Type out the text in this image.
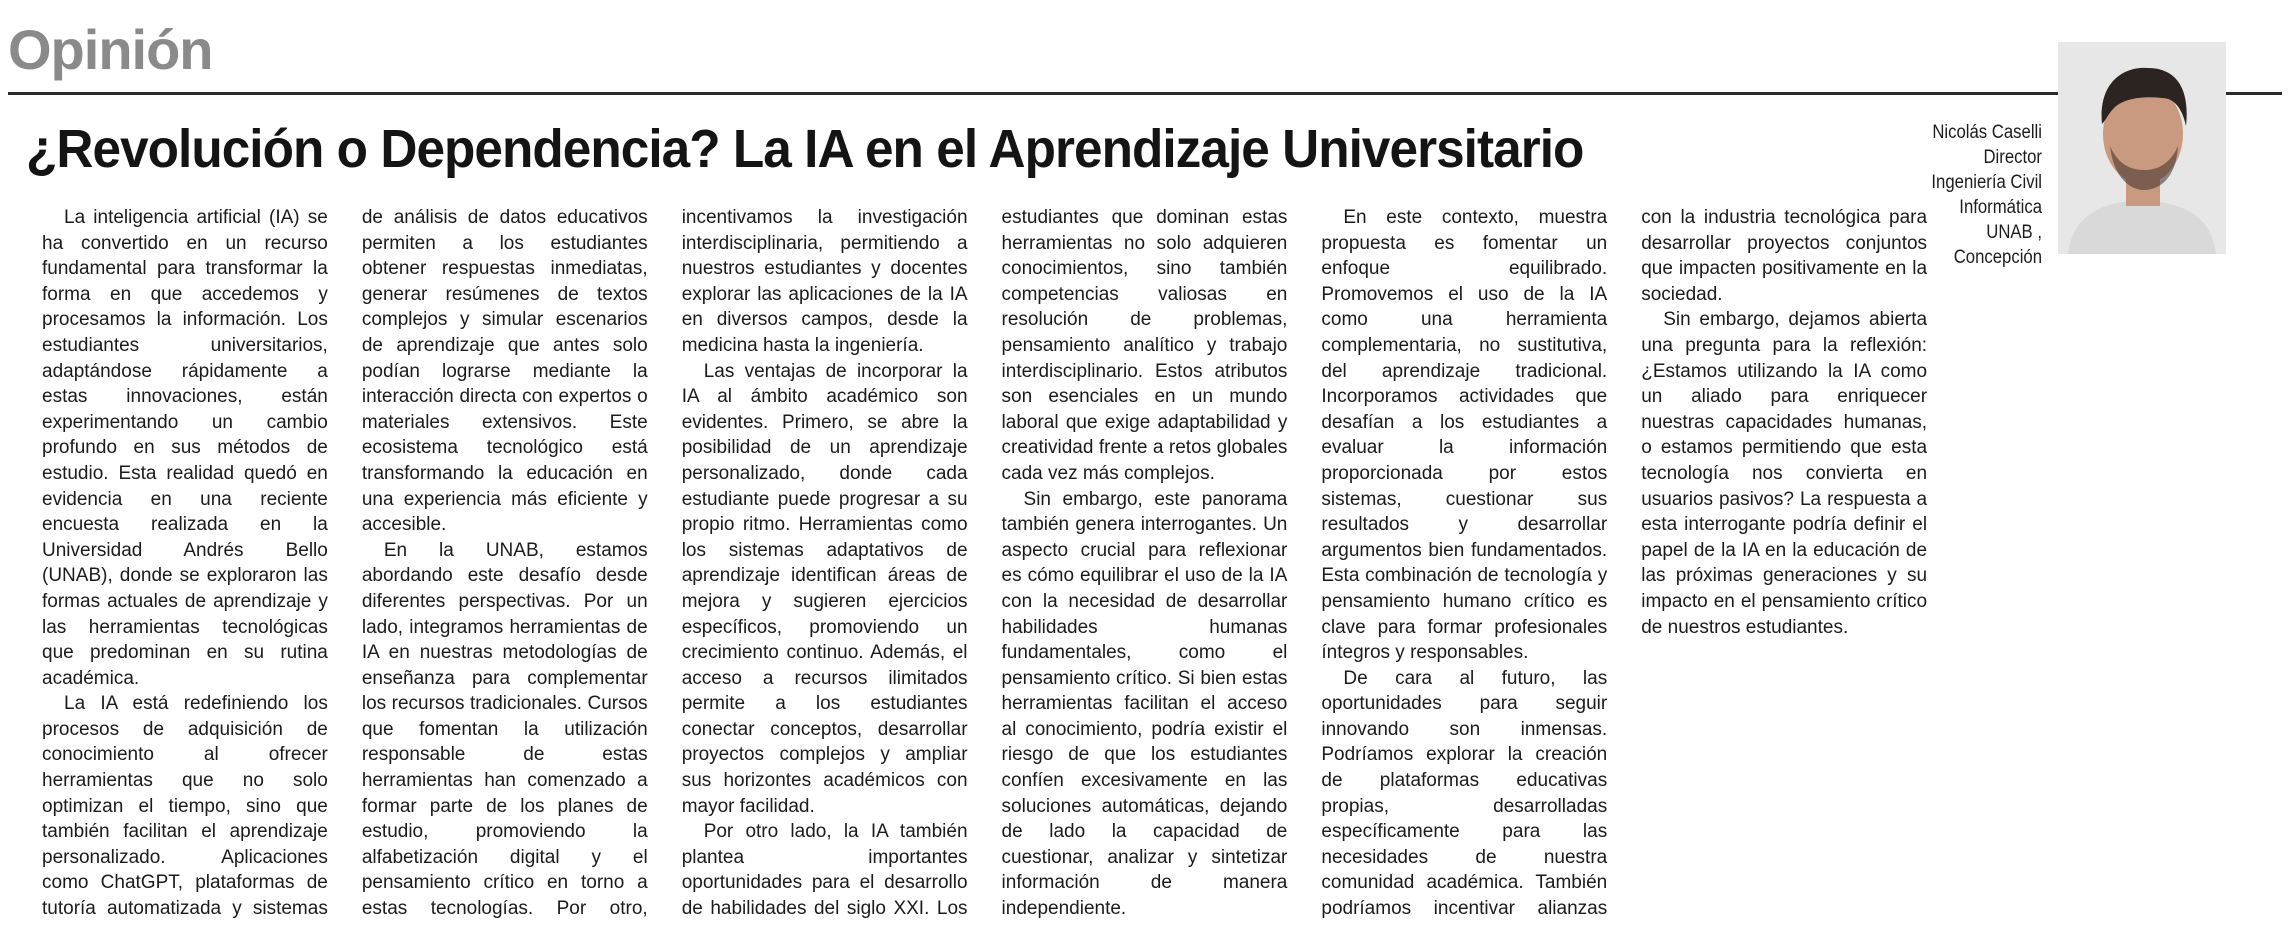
Opinión
¿Revolución o Dependencia? La IA en el Aprendizaje Universitario	Nicolás Caselli
Director
Ingeniería Civil
Informática
UNAB ,
Concepción

La inteligencia artificial (IA) se ha convertido en un recurso fundamental para transformar la forma en que accedemos y procesamos la información. Los estudiantes universitarios, adaptándose rápidamente a estas innovaciones, están experimentando un cambio profundo en sus métodos de estudio. Esta realidad quedó en evidencia en una reciente encuesta realizada en la Universidad Andrés Bello (UNAB), donde se exploraron las formas actuales de aprendizaje y las herramientas tecnológicas que predominan en su rutina académica.

La IA está redefiniendo los procesos de adquisición de conocimiento al ofrecer herramientas que no solo optimizan el tiempo, sino que también facilitan el aprendizaje personalizado. Aplicaciones como ChatGPT, plataformas de tutoría automatizada y sistemas de análisis de datos educativos permiten a los estudiantes obtener respuestas inmediatas, generar resúmenes de textos complejos y simular escenarios de aprendizaje que antes solo podían lograrse mediante la interacción directa con expertos o materiales extensivos. Este ecosistema tecnológico está transformando la educación en una experiencia más eficiente y accesible.

En la UNAB, estamos abordando este desafío desde diferentes perspectivas. Por un lado, integramos herramientas de IA en nuestras metodologías de enseñanza para complementar los recursos tradicionales. Cursos que fomentan la utilización responsable de estas herramientas han comenzado a formar parte de los planes de estudio, promoviendo la alfabetización digital y el pensamiento crítico en torno a estas tecnologías. Por otro, incentivamos la investigación interdisciplinaria, permitiendo a nuestros estudiantes y docentes explorar las aplicaciones de la IA en diversos campos, desde la medicina hasta la ingeniería.

Las ventajas de incorporar la IA al ámbito académico son evidentes. Primero, se abre la posibilidad de un aprendizaje personalizado, donde cada estudiante puede progresar a su propio ritmo. Herramientas como los sistemas adaptativos de aprendizaje identifican áreas de mejora y sugieren ejercicios específicos, promoviendo un crecimiento continuo. Además, el acceso a recursos ilimitados permite a los estudiantes conectar conceptos, desarrollar proyectos complejos y ampliar sus horizontes académicos con mayor facilidad.

Por otro lado, la IA también plantea importantes oportunidades para el desarrollo de habilidades del siglo XXI. Los estudiantes que dominan estas herramientas no solo adquieren conocimientos, sino también competencias valiosas en resolución de problemas, pensamiento analítico y trabajo interdisciplinario. Estos atributos son esenciales en un mundo laboral que exige adaptabilidad y creatividad frente a retos globales cada vez más complejos.

Sin embargo, este panorama también genera interrogantes. Un aspecto crucial para reflexionar es cómo equilibrar el uso de la IA con la necesidad de desarrollar habilidades humanas fundamentales, como el pensamiento crítico. Si bien estas herramientas facilitan el acceso al conocimiento, podría existir el riesgo de que los estudiantes confíen excesivamente en las soluciones automáticas, dejando de lado la capacidad de cuestionar, analizar y sintetizar información de manera independiente.

En este contexto, muestra propuesta es fomentar un enfoque equilibrado. Promovemos el uso de la IA como una herramienta complementaria, no sustitutiva, del aprendizaje tradicional. Incorporamos actividades que desafían a los estudiantes a evaluar la información proporcionada por estos sistemas, cuestionar sus resultados y desarrollar argumentos bien fundamentados. Esta combinación de tecnología y pensamiento humano crítico es clave para formar profesionales íntegros y responsables.

De cara al futuro, las oportunidades para seguir innovando son inmensas. Podríamos explorar la creación de plataformas educativas propias, desarrolladas específicamente para las necesidades de nuestra comunidad académica. También podríamos incentivar alianzas con la industria tecnológica para desarrollar proyectos conjuntos que impacten positivamente en la sociedad.

Sin embargo, dejamos abierta una pregunta para la reflexión: ¿Estamos utilizando la IA como un aliado para enriquecer nuestras capacidades humanas, o estamos permitiendo que esta tecnología nos convierta en usuarios pasivos? La respuesta a esta interrogante podría definir el papel de la IA en la educación de las próximas generaciones y su impacto en el pensamiento crítico de nuestros estudiantes.
